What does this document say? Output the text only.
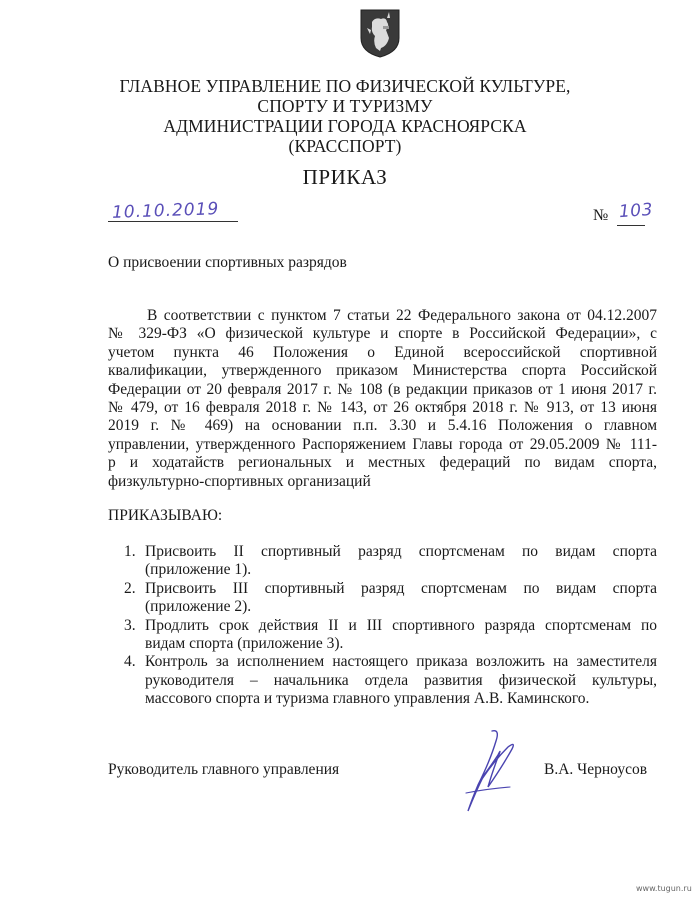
ГЛАВНОЕ УПРАВЛЕНИЕ ПО ФИЗИЧЕСКОЙ КУЛЬТУРЕ,
СПОРТУ И ТУРИЗМУ
АДМИНИСТРАЦИИ ГОРОДА КРАСНОЯРСКА
(КРАССПОРТ)
ПРИКАЗ
10.10.2019	№ 103
О присвоении спортивных разрядов
В соответствии с пунктом 7 статьи 22 Федерального закона от 04.12.2007
№ 329-ФЗ «О физической культуре и спорте в Российской Федерации», с
учетом пункта 46 Положения о Единой всероссийской спортивной
квалификации, утвержденного приказом Министерства спорта Российской
Федерации от 20 февраля 2017 г. № 108 (в редакции приказов от 1 июня 2017 г.
№ 479, от 16 февраля 2018 г. № 143, от 26 октября 2018 г. № 913, от 13 июня
2019 г. № 469) на основании п.п. 3.30 и 5.4.16 Положения о главном
управлении, утвержденного Распоряжением Главы города от 29.05.2009 № 111-
р и ходатайств региональных и местных федераций по видам спорта,
физкультурно-спортивных организаций
ПРИКАЗЫВАЮ:
1. Присвоить II спортивный разряд спортсменам по видам спорта
(приложение 1).
2. Присвоить III спортивный разряд спортсменам по видам спорта
(приложение 2).
3. Продлить срок действия II и III спортивного разряда спортсменам по
видам спорта (приложение 3).
4. Контроль за исполнением настоящего приказа возложить на заместителя
руководителя – начальника отдела развития физической культуры,
массового спорта и туризма главного управления А.В. Каминского.
Руководитель главного управления	В.А. Черноусов
www.tugun.ru
